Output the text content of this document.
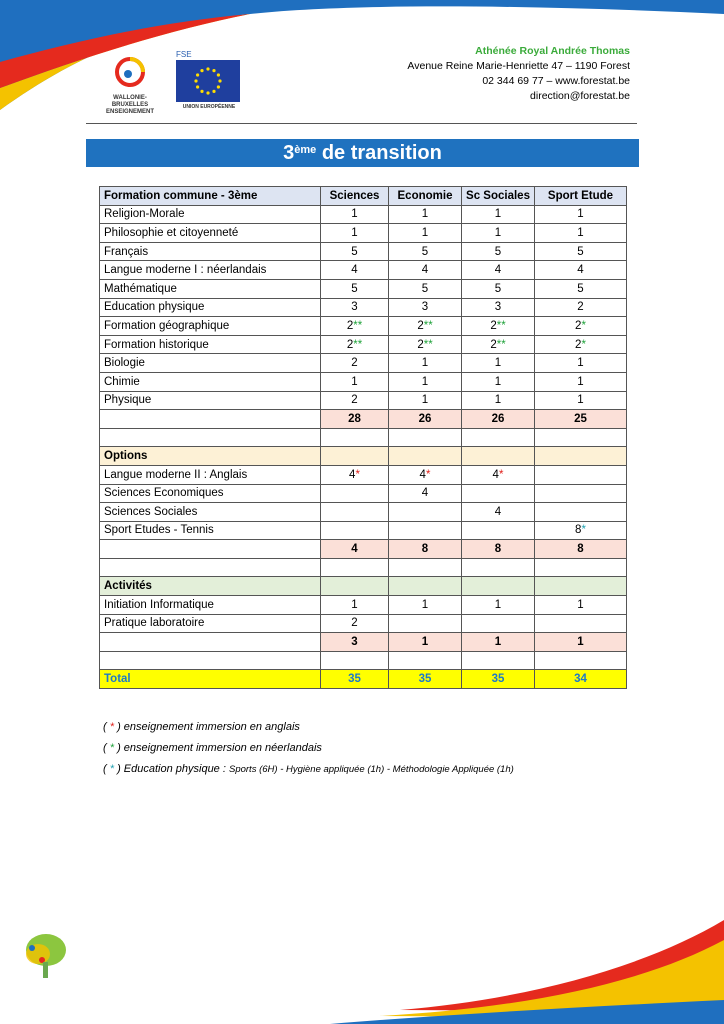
WALLONIE-BRUXELLES
ENSEIGNEMENT
FSE
UNION EUROPÉENNE
Athénée Royal Andrée Thomas
Avenue Reine Marie-Henriette 47 – 1190 Forest
02 344 69 77 – www.forestat.be
direction@forestat.be
3ème de transition
Formation commune - 3ème	Sciences	Economie	Sc Sociales	Sport Etude
Religion-Morale	1	1	1	1
Philosophie et citoyenneté	1	1	1	1
Français	5	5	5	5
Langue moderne I : néerlandais	4	4	4	4
Mathématique	5	5	5	5
Education physique	3	3	3	2
Formation géographique	2**	2**	2**	2*
Formation historique	2**	2**	2**	2*
Biologie	2	1	1	1
Chimie	1	1	1	1
Physique	2	1	1	1
	28	26	26	25

Options				
Langue moderne II : Anglais	4*	4*	4*	
Sciences Economiques		4		
Sciences Sociales			4	
Sport Etudes - Tennis				8*
	4	8	8	8

Activités				
Initiation Informatique	1	1	1	1
Pratique laboratoire	2			
	3	1	1	1

Total	35	35	35	34
( * ) enseignement immersion en anglais
( * ) enseignement immersion en néerlandais
( * ) Education physique : Sports (6H) - Hygiène appliquée (1h) - Méthodologie Appliquée (1h)
